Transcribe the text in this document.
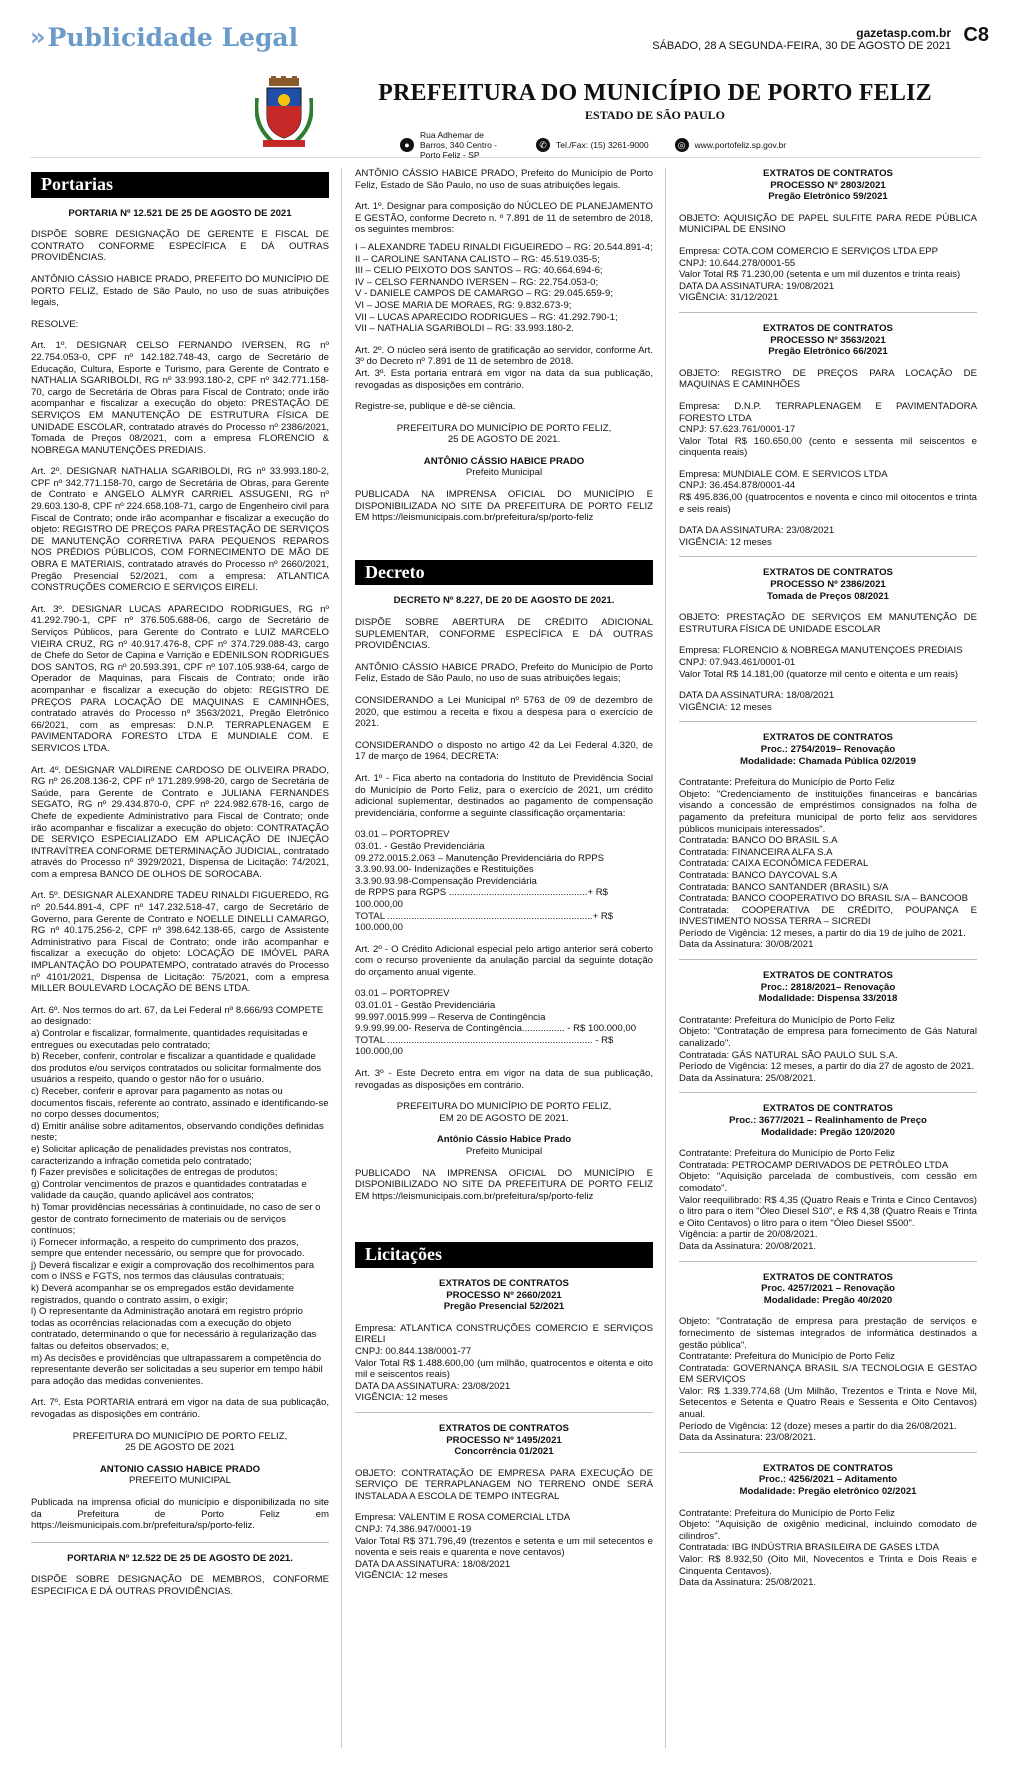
» Publicidade Legal	gazetasp.com.br
SÁBADO, 28 A SEGUNDA-FEIRA, 30 DE AGOSTO DE 2021 C8
PREFEITURA DO MUNICÍPIO DE PORTO FELIZ
ESTADO DE SÃO PAULO
●
Rua Adhemar de Barros, 340 Centro - Porto Feliz - SP
✆	Tel./Fax: (15) 3261-9000	◎	www.portofeliz.sp.gov.br
Portarias

PORTARIA Nº 12.521 DE 25 DE AGOSTO DE 2021

DISPÕE SOBRE DESIGNAÇÃO DE GERENTE E FISCAL DE CONTRATO CONFORME ESPECÍFICA E DÁ OUTRAS PROVIDÊNCIAS.

ANTÔNIO CÁSSIO HABICE PRADO, PREFEITO DO MUNICÍPIO DE PORTO FELIZ, Estado de São Paulo, no uso de suas atribuições legais,

RESOLVE:

Art. 1º. DESIGNAR CELSO FERNANDO IVERSEN, RG nº 22.754.053-0, CPF nº 142.182.748-43, cargo de Secretário de Educação, Cultura, Esporte e Turismo, para Gerente de Contrato e NATHALIA SGARIBOLDI, RG nº 33.993.180-2, CPF nº 342.771.158-70, cargo de Secretária de Obras para Fiscal de Contrato; onde irão acompanhar e fiscalizar a execução do objeto: PRESTAÇÃO DE SERVIÇOS EM MANUTENÇÃO DE ESTRUTURA FÍSICA DE UNIDADE ESCOLAR, contratado através do Processo nº 2386/2021, Tomada de Preços 08/2021, com a empresa FLORENCIO & NOBREGA MANUTENÇÕES PREDIAIS.

Art. 2º. DESIGNAR NATHALIA SGARIBOLDI, RG nº 33.993.180-2, CPF nº 342.771.158-70, cargo de Secretária de Obras, para Gerente de Contrato e ANGELO ALMYR CARRIEL ASSUGENI, RG nº 29.603.130-8, CPF nº 224.658.108-71, cargo de Engenheiro civil para Fiscal de Contrato; onde irão acompanhar e fiscalizar a execução do objeto: REGISTRO DE PREÇOS PARA PRESTAÇÃO DE SERVIÇOS DE MANUTENÇÃO CORRETIVA PARA PEQUENOS REPAROS NOS PRÉDIOS PÚBLICOS, COM FORNECIMENTO DE MÃO DE OBRA E MATERIAIS, contratado através do Processo nº 2660/2021, Pregão Presencial 52/2021, com a empresa: ATLANTICA CONSTRUÇÕES COMERCIO E SERVIÇOS EIRELI.

Art. 3º. DESIGNAR LUCAS APARECIDO RODRIGUES, RG nº 41.292.790-1, CPF nº 376.505.688-06, cargo de Secretário de Serviços Públicos, para Gerente do Contrato e LUIZ MARCELO VIEIRA CRUZ, RG nº 40.917.476-8, CPF nº 374.729.088-43, cargo de Chefe do Setor de Capina e Varrição e EDENILSON RODRIGUES DOS SANTOS, RG nº 20.593.391, CPF nº 107.105.938-64, cargo de Operador de Maquinas, para Fiscais de Contrato; onde irão acompanhar e fiscalizar a execução do objeto: REGISTRO DE PREÇOS PARA LOCAÇÃO DE MAQUINAS E CAMINHÕES, contratado através do Processo nº 3563/2021, Pregão Eletrônico 66/2021, com as empresas: D.N.P. TERRAPLENAGEM E PAVIMENTADORA FORESTO LTDA E MUNDIALE COM. E SERVICOS LTDA.

Art. 4º. DESIGNAR VALDIRENE CARDOSO DE OLIVEIRA PRADO, RG nº 26.208.136-2, CPF nº 171.289.998-20, cargo de Secretária de Saúde, para Gerente de Contrato e JULIANA FERNANDES SEGATO, RG nº 29.434.870-0, CPF nº 224.982.678-16, cargo de Chefe de expediente Administrativo para Fiscal de Contrato; onde irão acompanhar e fiscalizar a execução do objeto: CONTRATAÇÃO DE SERVIÇO ESPECIALIZADO EM APLICAÇÃO DE INJEÇÃO INTRAVÍTREA CONFORME DETERMINAÇÃO JUDICIAL, contratado através do Processo nº 3929/2021, Dispensa de Licitação: 74/2021, com a empresa BANCO DE OLHOS DE SOROCABA.

Art. 5º. DESIGNAR ALEXANDRE TADEU RINALDI FIGUEREDO, RG nº 20.544.891-4, CPF nº 147.232.518-47, cargo de Secretário de Governo, para Gerente de Contrato e NOELLE DINELLI CAMARGO, RG nº 40.175.256-2, CPF nº 398.642.138-65, cargo de Assistente Administrativo para Fiscal de Contrato; onde irão acompanhar e fiscalizar a execução do objeto: LOCAÇÃO DE IMÓVEL PARA IMPLANTAÇÃO DO POUPATEMPO, contratado através do Processo nº 4101/2021, Dispensa de Licitação: 75/2021, com a empresa MILLER BOULEVARD LOCAÇÃO DE BENS LTDA.

Art. 6º. Nos termos do art. 67, da Lei Federal nº 8.666/93 COMPETE ao designado:
a) Controlar e fiscalizar, formalmente, quantidades requisitadas e entregues ou executadas pelo contratado;
b) Receber, conferir, controlar e fiscalizar a quantidade e qualidade dos produtos e/ou serviços contratados ou solicitar formalmente dos usuários a respeito, quando o gestor não for o usuário.
c) Receber, conferir e aprovar para pagamento as notas ou documentos fiscais, referente ao contrato, assinado e identificando-se no corpo desses documentos;
d) Emitir análise sobre aditamentos, observando condições definidas neste;
e) Solicitar aplicação de penalidades previstas nos contratos, caracterizando a infração cometida pelo contratado;
f) Fazer previsões e solicitações de entregas de produtos;
g) Controlar vencimentos de prazos e quantidades contratadas e validade da caução, quando aplicável aos contratos;
h) Tomar providências necessárias à continuidade, no caso de ser o gestor de contrato fornecimento de materiais ou de serviços contínuos;
i) Fornecer informação, a respeito do cumprimento dos prazos, sempre que entender necessário, ou sempre que for provocado.
j) Deverá fiscalizar e exigir a comprovação dos recolhimentos para com o INSS e FGTS, nos termos das cláusulas contratuais;
k) Deverá acompanhar se os empregados estão devidamente registrados, quando o contrato assim, o exigir;
l) O representante da Administração anotará em registro próprio todas as ocorrências relacionadas com a execução do objeto contratado, determinando o que for necessário à regularização das faltas ou defeitos observados; e,
m) As decisões e providências que ultrapassarem a competência do representante deverão ser solicitadas a seu superior em tempo hábil para adoção das medidas convenientes.

Art. 7º. Esta PORTARIA entrará em vigor na data de sua publicação, revogadas as disposições em contrário.

PREFEITURA DO MUNICÍPIO DE PORTO FELIZ,
25 DE AGOSTO DE 2021
ANTONIO CASSIO HABICE PRADO
PREFEITO MUNICIPAL

Publicada na imprensa oficial do município e disponibilizada no site da Prefeitura de Porto Feliz em https://leismunicipais.com.br/prefeitura/sp/porto-feliz.

PORTARIA Nº 12.522 DE 25 DE AGOSTO DE 2021.

DISPÕE SOBRE DESIGNAÇÃO DE MEMBROS, CONFORME ESPECIFICA E DÁ OUTRAS PROVIDÊNCIAS.

ANTÔNIO CÁSSIO HABICE PRADO, Prefeito do Município de Porto Feliz, Estado de São Paulo, no uso de suas atribuições legais.

Art. 1º. Designar para composição do NÚCLEO DE PLANEJAMENTO E GESTÃO, conforme Decreto n. º 7.891 de 11 de setembro de 2018, os seguintes membros:

I – ALEXANDRE TADEU RINALDI FIGUEIREDO – RG: 20.544.891-4;
II – CAROLINE SANTANA CALISTO – RG: 45.519.035-5;
III – CELIO PEIXOTO DOS SANTOS – RG: 40.664.694-6;
IV – CELSO FERNANDO IVERSEN – RG: 22.754.053-0;
V - DANIELE CAMPOS DE CAMARGO – RG: 29.045.659-9;
VI – JOSE MARIA DE MORAES, RG: 9.832.673-9;
VII – LUCAS APARECIDO RODRIGUES – RG: 41.292.790-1;
VII – NATHALIA SGARIBOLDI – RG: 33.993.180-2.

Art. 2º. O núcleo será isento de gratificação ao servidor, conforme Art. 3º do Decreto nº 7.891 de 11 de setembro de 2018.

Art. 3º. Esta portaria entrará em vigor na data da sua publicação, revogadas as disposições em contrário.

Registre-se, publique e dê-se ciência.

PREFEITURA DO MUNICÍPIO DE PORTO FELIZ,
25 DE AGOSTO DE 2021.
ANTÔNIO CÁSSIO HABICE PRADO
Prefeito Municipal

PUBLICADA NA IMPRENSA OFICIAL DO MUNICÍPIO E DISPONIBILIZADA NO SITE DA PREFEITURA DE PORTO FELIZ EM https://leismunicipais.com.br/prefeitura/sp/porto-feliz

Decreto

DECRETO Nº 8.227, DE 20 DE AGOSTO DE 2021.

DISPÕE SOBRE ABERTURA DE CRÉDITO ADICIONAL SUPLEMENTAR, CONFORME ESPECÍFICA E DÁ OUTRAS PROVIDÊNCIAS.

ANTÔNIO CÁSSIO HABICE PRADO, Prefeito do Município de Porto Feliz, Estado de São Paulo, no uso de suas atribuições legais;

CONSIDERANDO a Lei Municipal nº 5763 de 09 de dezembro de 2020, que estimou a receita e fixou a despesa para o exercício de 2021.

CONSIDERANDO o disposto no artigo 42 da Lei Federal 4.320, de 17 de março de 1964, DECRETA:

Art. 1º - Fica aberto na contadoria do Instituto de Previdência Social do Município de Porto Feliz, para o exercício de 2021, um crédito adicional suplementar, destinados ao pagamento de compensação previdenciária, conforme a seguinte classificação orçamentaria:

03.01 – PORTOPREV
03.01. - Gestão Previdenciária
09.272.0015.2.063 – Manutenção Previdenciária do RPPS
3.3.90.93.00- Indenizações e Restituições
3.3.90.93.98-Compensação Previdenciária
de RPPS para RGPS ....................................................+ R$ 100.000,00
TOTAL .............................................................................+ R$ 100.000,00

Art. 2º - O Crédito Adicional especial pelo artigo anterior será coberto com o recurso proveniente da anulação parcial da seguinte dotação do orçamento anual vigente.

03.01 – PORTOPREV
03.01.01 - Gestão Previdenciária
99.997.0015.999 – Reserva de Contingência
9.9.99.99.00- Reserva de Contingência................ - R$ 100.000,00
TOTAL ............................................................................. - R$ 100.000,00

Art. 3º - Este Decreto entra em vigor na data de sua publicação, revogadas as disposições em contrário.

PREFEITURA DO MUNICÍPIO DE PORTO FELIZ,
EM 20 DE AGOSTO DE 2021.
Antônio Cássio Habice Prado
Prefeito Municipal

PUBLICADO NA IMPRENSA OFICIAL DO MUNICÍPIO E DISPONIBILIZADO NO SITE DA PREFEITURA DE PORTO FELIZ EM https://leismunicipais.com.br/prefeitura/sp/porto-feliz

Licitações
EXTRATOS DE CONTRATOS
PROCESSO Nº 2660/2021
Pregão Presencial 52/2021
Empresa: ATLANTICA CONSTRUÇÕES COMERCIO E SERVIÇOS EIRELI
CNPJ: 00.844.138/0001-77
Valor Total R$ 1.488.600,00 (um milhão, quatrocentos e oitenta e oito mil e seiscentos reais)
DATA DA ASSINATURA: 23/08/2021
VIGÊNCIA: 12 meses
EXTRATOS DE CONTRATOS
PROCESSO Nº 1495/2021
Concorrência 01/2021
OBJETO: CONTRATAÇÃO DE EMPRESA PARA EXECUÇÃO DE SERVIÇO DE TERRAPLANAGEM NO TERRENO ONDE SERÁ INSTALADA A ESCOLA DE TEMPO INTEGRAL
Empresa: VALENTIM E ROSA COMERCIAL LTDA
CNPJ: 74.386.947/0001-19
Valor Total R$ 371.796,49 (trezentos e setenta e um mil setecentos e noventa e seis reais e quarenta e nove centavos)
DATA DA ASSINATURA: 18/08/2021
VIGÊNCIA: 12 meses
EXTRATOS DE CONTRATOS
PROCESSO Nº 2803/2021
Pregão Eletrônico 59/2021
OBJETO: AQUISIÇÃO DE PAPEL SULFITE PARA REDE PÚBLICA MUNICIPAL DE ENSINO
Empresa: COTA.COM COMERCIO E SERVIÇOS LTDA EPP
CNPJ: 10.644.278/0001-55
Valor Total R$ 71.230,00 (setenta e um mil duzentos e trinta reais)
DATA DA ASSINATURA: 19/08/2021
VIGÊNCIA: 31/12/2021
EXTRATOS DE CONTRATOS
PROCESSO Nº 3563/2021
Pregão Eletrônico 66/2021
OBJETO: REGISTRO DE PREÇOS PARA LOCAÇÃO DE MAQUINAS E CAMINHÕES
Empresa: D.N.P. TERRAPLENAGEM E PAVIMENTADORA FORESTO LTDA
CNPJ: 57.623.761/0001-17
Valor Total R$ 160.650,00 (cento e sessenta mil seiscentos e cinquenta reais)
Empresa: MUNDIALE COM. E SERVICOS LTDA
CNPJ: 36.454.878/0001-44
R$ 495.836,00 (quatrocentos e noventa e cinco mil oitocentos e trinta e seis reais)
DATA DA ASSINATURA: 23/08/2021
VIGÊNCIA: 12 meses
EXTRATOS DE CONTRATOS
PROCESSO Nº 2386/2021
Tomada de Preços 08/2021
OBJETO: PRESTAÇÃO DE SERVIÇOS EM MANUTENÇÃO DE ESTRUTURA FÍSICA DE UNIDADE ESCOLAR
Empresa: FLORENCIO & NOBREGA MANUTENÇOES PREDIAIS
CNPJ: 07.943.461/0001-01
Valor Total R$ 14.181,00 (quatorze mil cento e oitenta e um reais)
DATA DA ASSINATURA: 18/08/2021
VIGÊNCIA: 12 meses
EXTRATOS DE CONTRATOS
Proc.: 2754/2019– Renovação
Modalidade: Chamada Pública 02/2019
Contratante: Prefeitura do Município de Porto Feliz
Objeto: "Credenciamento de instituições financeiras e bancárias visando a concessão de empréstimos consignados na folha de pagamento da prefeitura municipal de porto feliz aos servidores públicos municipais interessados".
Contratada: BANCO DO BRASIL S.A
Contratada: FINANCEIRA ALFA S.A
Contratada: CAIXA ECONÔMICA FEDERAL
Contratada: BANCO DAYCOVAL S.A
Contratada: BANCO SANTANDER (BRASIL) S/A
Contratada: BANCO COOPERATIVO DO BRASIL S/A – BANCOOB
Contratada: COOPERATIVA DE CRÉDITO, POUPANÇA E INVESTIMENTO NOSSA TERRA – SICREDI
Período de Vigência: 12 meses, a partir do dia 19 de julho de 2021.
Data da Assinatura: 30/08/2021
EXTRATOS DE CONTRATOS
Proc.: 2818/2021– Renovação
Modalidade: Dispensa 33/2018
Contratante: Prefeitura do Município de Porto Feliz
Objeto: "Contratação de empresa para fornecimento de Gás Natural canalizado".
Contratada: GÁS NATURAL SÃO PAULO SUL S.A.
Período de Vigência: 12 meses, a partir do dia 27 de agosto de 2021.
Data da Assinatura: 25/08/2021.
EXTRATOS DE CONTRATOS
Proc.: 3677/2021 – Realinhamento de Preço
Modalidade: Pregão 120/2020
Contratante: Prefeitura do Município de Porto Feliz
Contratada: PETROCAMP DERIVADOS DE PETRÓLEO LTDA
Objeto: "Aquisição parcelada de combustíveis, com cessão em comodato".
Valor reequilibrado: R$ 4,35 (Quatro Reais e Trinta e Cinco Centavos) o litro para o item "Óleo Diesel S10", e R$ 4,38 (Quatro Reais e Trinta e Oito Centavos) o litro para o item "Óleo Diesel S500".
Vigência: a partir de 20/08/2021.
Data da Assinatura: 20/08/2021.
EXTRATOS DE CONTRATOS
Proc. 4257/2021 – Renovação
Modalidade: Pregão 40/2020
Objeto: "Contratação de empresa para prestação de serviços e fornecimento de sistemas integrados de informática destinados a gestão pública".
Contratante: Prefeitura do Município de Porto Feliz
Contratada: GOVERNANÇA BRASIL S/A TECNOLOGIA E GESTAO EM SERVIÇOS
Valor: R$ 1.339.774,68 (Um Milhão, Trezentos e Trinta e Nove Mil, Setecentos e Setenta e Quatro Reais e Sessenta e Oito Centavos) anual.
Período de Vigência: 12 (doze) meses a partir do dia 26/08/2021.
Data da Assinatura: 23/08/2021.
EXTRATOS DE CONTRATOS
Proc.: 4256/2021 – Aditamento
Modalidade: Pregão eletrônico 02/2021
Contratante: Prefeitura do Município de Porto Feliz
Objeto: "Aquisição de oxigênio medicinal, incluindo comodato de cilindros".
Contratada: IBG INDÚSTRIA BRASILEIRA DE GASES LTDA
Valor: R$ 8.932,50 (Oito Mil, Novecentos e Trinta e Dois Reais e Cinquenta Centavos).
Data da Assinatura: 25/08/2021.
